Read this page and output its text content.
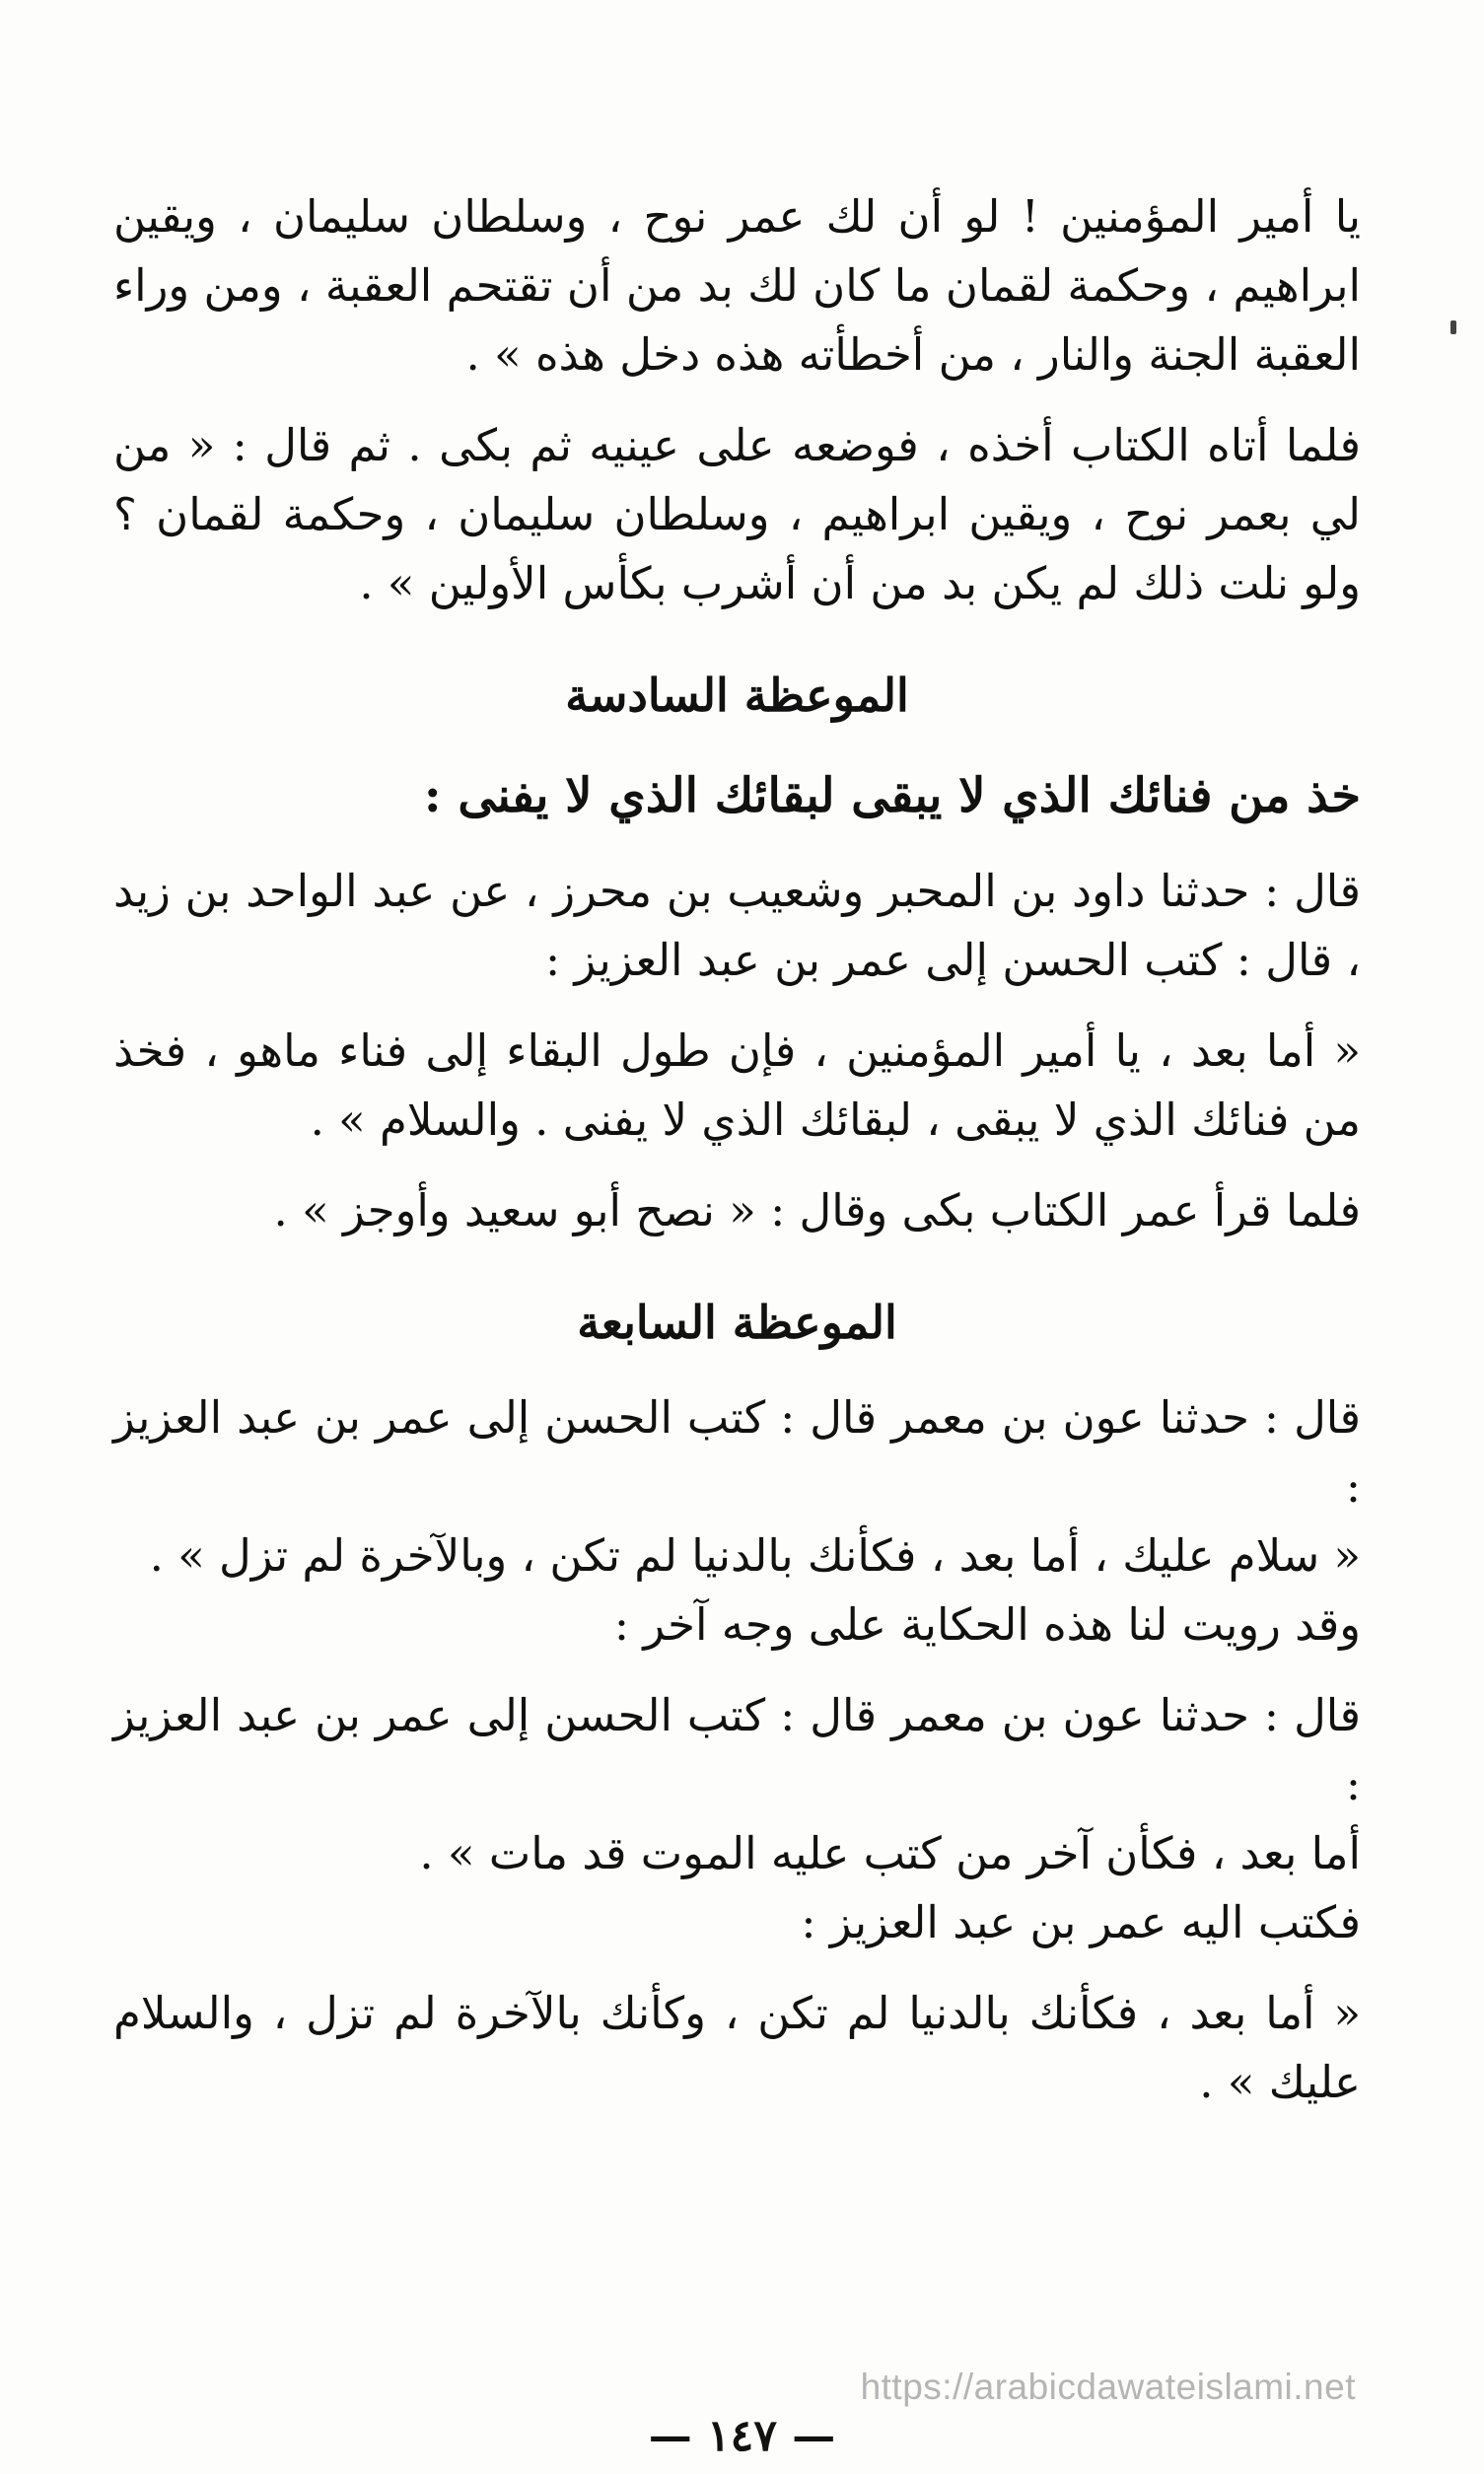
يا أمير المؤمنين ! لو أن لك عمر نوح ، وسلطان سليمان ، ويقين ابراهيم ، وحكمة لقمان ما كان لك بد من أن تقتحم العقبة ، ومن وراء العقبة الجنة والنار ، من أخطأته هذه دخل هذه » .

فلما أتاه الكتاب أخذه ، فوضعه على عينيه ثم بكى . ثم قال : « من لي بعمر نوح ، ويقين ابراهيم ، وسلطان سليمان ، وحكمة لقمان ؟ ولو نلت ذلك لم يكن بد من أن أشرب بكأس الأولين » .

الموعظة السادسة

خذ من فنائك الذي لا يبقى لبقائك الذي لا يفنى :

قال : حدثنا داود بن المحبر وشعيب بن محرز ، عن عبد الواحد بن زيد ، قال : كتب الحسن إلى عمر بن عبد العزيز :

« أما بعد ، يا أمير المؤمنين ، فإن طول البقاء إلى فناء ماهو ، فخذ من فنائك الذي لا يبقى ، لبقائك الذي لا يفنى . والسلام » .

فلما قرأ عمر الكتاب بكى وقال : « نصح أبو سعيد وأوجز » .

الموعظة السابعة

قال : حدثنا عون بن معمر قال : كتب الحسن إلى عمر بن عبد العزيز :

« سلام عليك ، أما بعد ، فكأنك بالدنيا لم تكن ، وبالآخرة لم تزل » .

وقد رويت لنا هذه الحكاية على وجه آخر :

قال : حدثنا عون بن معمر قال : كتب الحسن إلى عمر بن عبد العزيز :

أما بعد ، فكأن آخر من كتب عليه الموت قد مات » .

فكتب اليه عمر بن عبد العزيز :

« أما بعد ، فكأنك بالدنيا لم تكن ، وكأنك بالآخرة لم تزل ، والسلام عليك » .

https://arabicdawateislami.net
— ١٤٧ —
